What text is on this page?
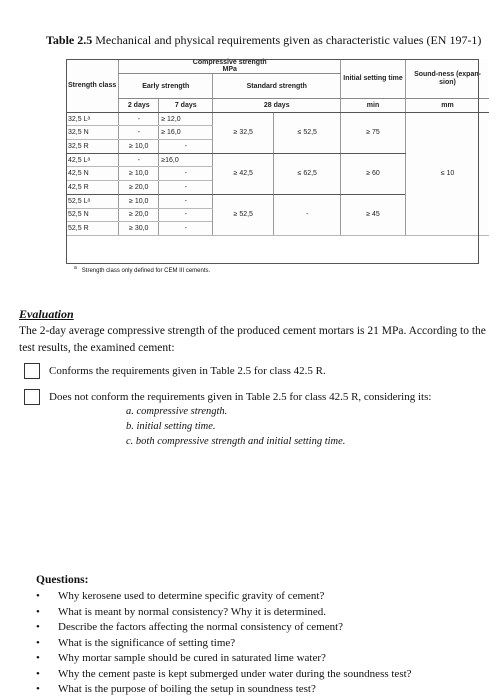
Table 2.5 Mechanical and physical requirements given as characteristic values (EN 197-1)
Strength class	Compressive strength
MPa				Initial setting time	Sound-ness (expan-sion)
	Early strength		Standard strength			
	2 days	7 days	28 days		min	mm
32,5 Lᵃ	-	≥ 12,0	≥ 32,5	≤ 52,5	≥ 75	≤ 10
32,5 N	-	≥ 16,0				
32,5 R	≥ 10,0	-				
42,5 Lᵃ	-	≥16,0	≥ 42,5	≤ 62,5	≥ 60	
42,5 N	≥ 10,0	-				
42,5 R	≥ 20,0	-				
52,5 Lᵃ	≥ 10,0	-	≥ 52,5	-	≥ 45	
52,5 N	≥ 20,0	-				
52,5 R	≥ 30,0	-				
$^a$ Strength class only defined for CEM III cements.
Evaluation
The 2-day average compressive strength of the produced cement mortars is 21 MPa. According to the test results, the examined cement:
Conforms the requirements given in Table 2.5 for class 42.5 R.
Does not conform the requirements given in Table 2.5 for class 42.5 R, considering its:
a. compressive strength.
b. initial setting time.
c. both compressive strength and initial setting time.
Questions:
• Why kerosene used to determine specific gravity of cement?
• What is meant by normal consistency? Why it is determined.
• Describe the factors affecting the normal consistency of cement?
• What is the significance of setting time?
• Why mortar sample should be cured in saturated lime water?
• Why the cement paste is kept submerged under water during the soundness test?
• What is the purpose of boiling the setup in soundness test?
